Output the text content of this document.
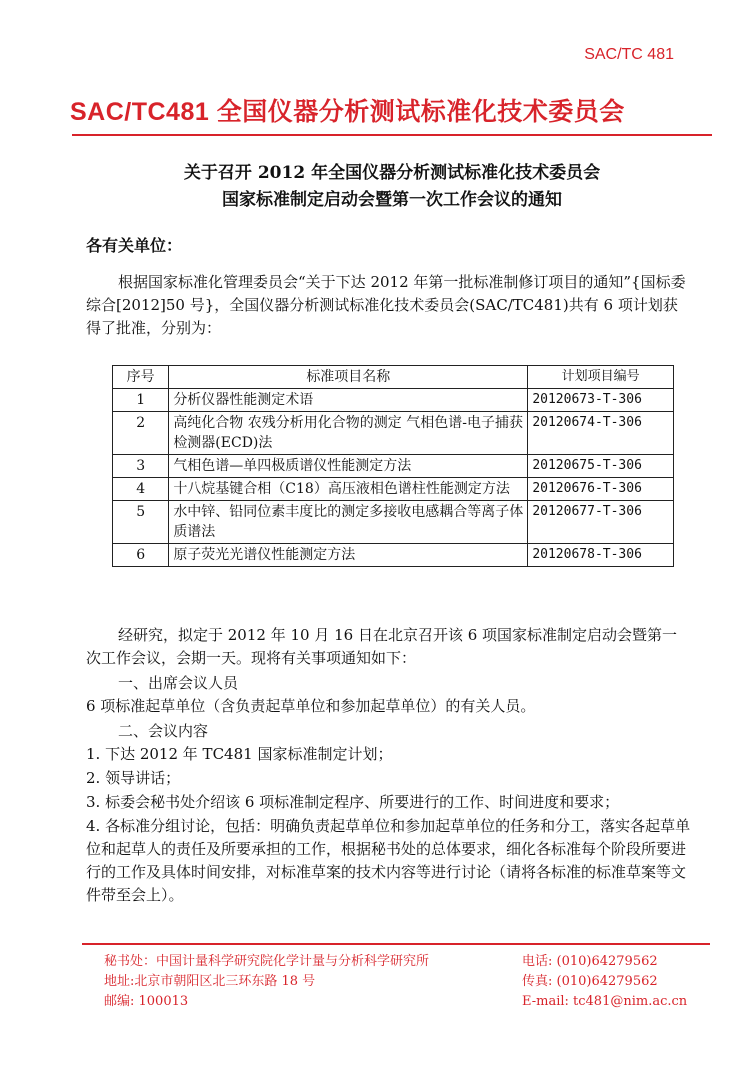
SAC/TC 481
SAC/TC481 全国仪器分析测试标准化技术委员会
关于召开 2012 年全国仪器分析测试标准化技术委员会
国家标准制定启动会暨第一次工作会议的通知
各有关单位：
根据国家标准化管理委员会“关于下达 2012 年第一批标准制修订项目的通知”{国标委综合[2012]50 号}，全国仪器分析测试标准化技术委员会(SAC/TC481)共有 6 项计划获得了批准，分别为：
序号	标准项目名称	计划项目编号
1	分析仪器性能测定术语	20120673-T-306
2	高纯化合物 农残分析用化合物的测定 气相色谱-电子捕获检测器(ECD)法	20120674-T-306
3	气相色谱—单四极质谱仪性能测定方法	20120675-T-306
4	十八烷基键合相（C18）高压液相色谱柱性能测定方法	20120676-T-306
5	水中锌、铅同位素丰度比的测定多接收电感耦合等离子体质谱法	20120677-T-306
6	原子荧光光谱仪性能测定方法	20120678-T-306
经研究，拟定于 2012 年 10 月 16 日在北京召开该 6 项国家标准制定启动会暨第一次工作会议，会期一天。现将有关事项通知如下：
一、出席会议人员
6 项标准起草单位（含负责起草单位和参加起草单位）的有关人员。
二、会议内容
1. 下达 2012 年 TC481 国家标准制定计划；
2. 领导讲话；
3. 标委会秘书处介绍该 6 项标准制定程序、所要进行的工作、时间进度和要求；
4. 各标准分组讨论，包括：明确负责起草单位和参加起草单位的任务和分工，落实各起草单位和起草人的责任及所要承担的工作，根据秘书处的总体要求，细化各标准每个阶段所要进行的工作及具体时间安排，对标准草案的技术内容等进行讨论（请将各标准的标准草案等文件带至会上）。
秘书处：中国计量科学研究院化学计量与分析科学研究所
地址:北京市朝阳区北三环东路 18 号
邮编: 100013
电话: (010)64279562
传真: (010)64279562
E-mail: tc481@nim.ac.cn
